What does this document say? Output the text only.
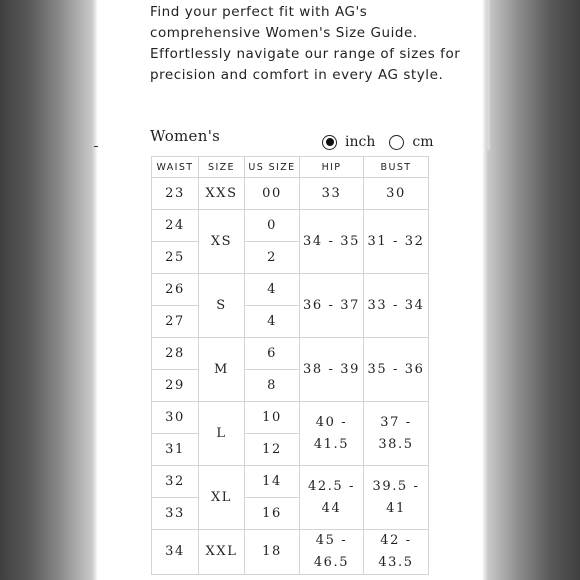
Find your perfect fit with AG's comprehensive Women's Size Guide. Effortlessly navigate our range of sizes for precision and comfort in every AG style.

Women's	inch	cm
WAIST	SIZE	US SIZE	HIP	BUST
23	XXS	00	33	30
24	XS	0	34 - 35	31 - 32
25		2		
26	S	4	36 - 37	33 - 34
27		4		
28	M	6	38 - 39	35 - 36
29		8		
30	L	10	40 - 41.5	37 - 38.5
31		12		
32	XL	14	42.5 - 44	39.5 - 41
33		16		
34	XXL	18	45 - 46.5	42 - 43.5
